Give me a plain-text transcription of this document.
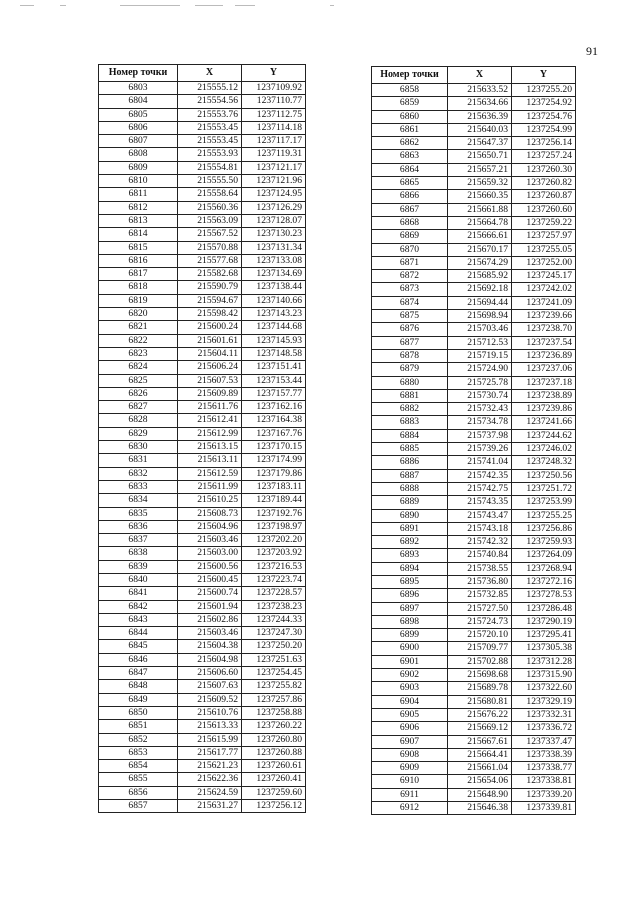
91
Номер точки	X	Y
6803	215555.12	1237109.92
6804	215554.56	1237110.77
6805	215553.76	1237112.75
6806	215553.45	1237114.18
6807	215553.45	1237117.17
6808	215553.93	1237119.31
6809	215554.81	1237121.17
6810	215555.50	1237121.96
6811	215558.64	1237124.95
6812	215560.36	1237126.29
6813	215563.09	1237128.07
6814	215567.52	1237130.23
6815	215570.88	1237131.34
6816	215577.68	1237133.08
6817	215582.68	1237134.69
6818	215590.79	1237138.44
6819	215594.67	1237140.66
6820	215598.42	1237143.23
6821	215600.24	1237144.68
6822	215601.61	1237145.93
6823	215604.11	1237148.58
6824	215606.24	1237151.41
6825	215607.53	1237153.44
6826	215609.89	1237157.77
6827	215611.76	1237162.16
6828	215612.41	1237164.38
6829	215612.99	1237167.76
6830	215613.15	1237170.15
6831	215613.11	1237174.99
6832	215612.59	1237179.86
6833	215611.99	1237183.11
6834	215610.25	1237189.44
6835	215608.73	1237192.76
6836	215604.96	1237198.97
6837	215603.46	1237202.20
6838	215603.00	1237203.92
6839	215600.56	1237216.53
6840	215600.45	1237223.74
6841	215600.74	1237228.57
6842	215601.94	1237238.23
6843	215602.86	1237244.33
6844	215603.46	1237247.30
6845	215604.38	1237250.20
6846	215604.98	1237251.63
6847	215606.60	1237254.45
6848	215607.63	1237255.82
6849	215609.52	1237257.86
6850	215610.76	1237258.88
6851	215613.33	1237260.22
6852	215615.99	1237260.80
6853	215617.77	1237260.88
6854	215621.23	1237260.61
6855	215622.36	1237260.41
6856	215624.59	1237259.60
6857	215631.27	1237256.12
Номер точки	X	Y
6858	215633.52	1237255.20
6859	215634.66	1237254.92
6860	215636.39	1237254.76
6861	215640.03	1237254.99
6862	215647.37	1237256.14
6863	215650.71	1237257.24
6864	215657.21	1237260.30
6865	215659.32	1237260.82
6866	215660.35	1237260.87
6867	215661.88	1237260.60
6868	215664.78	1237259.22
6869	215666.61	1237257.97
6870	215670.17	1237255.05
6871	215674.29	1237252.00
6872	215685.92	1237245.17
6873	215692.18	1237242.02
6874	215694.44	1237241.09
6875	215698.94	1237239.66
6876	215703.46	1237238.70
6877	215712.53	1237237.54
6878	215719.15	1237236.89
6879	215724.90	1237237.06
6880	215725.78	1237237.18
6881	215730.74	1237238.89
6882	215732.43	1237239.86
6883	215734.78	1237241.66
6884	215737.98	1237244.62
6885	215739.26	1237246.02
6886	215741.04	1237248.32
6887	215742.35	1237250.56
6888	215742.75	1237251.72
6889	215743.35	1237253.99
6890	215743.47	1237255.25
6891	215743.18	1237256.86
6892	215742.32	1237259.93
6893	215740.84	1237264.09
6894	215738.55	1237268.94
6895	215736.80	1237272.16
6896	215732.85	1237278.53
6897	215727.50	1237286.48
6898	215724.73	1237290.19
6899	215720.10	1237295.41
6900	215709.77	1237305.38
6901	215702.88	1237312.28
6902	215698.68	1237315.90
6903	215689.78	1237322.60
6904	215680.81	1237329.19
6905	215676.22	1237332.31
6906	215669.12	1237336.72
6907	215667.61	1237337.47
6908	215664.41	1237338.39
6909	215661.04	1237338.77
6910	215654.06	1237338.81
6911	215648.90	1237339.20
6912	215646.38	1237339.81
